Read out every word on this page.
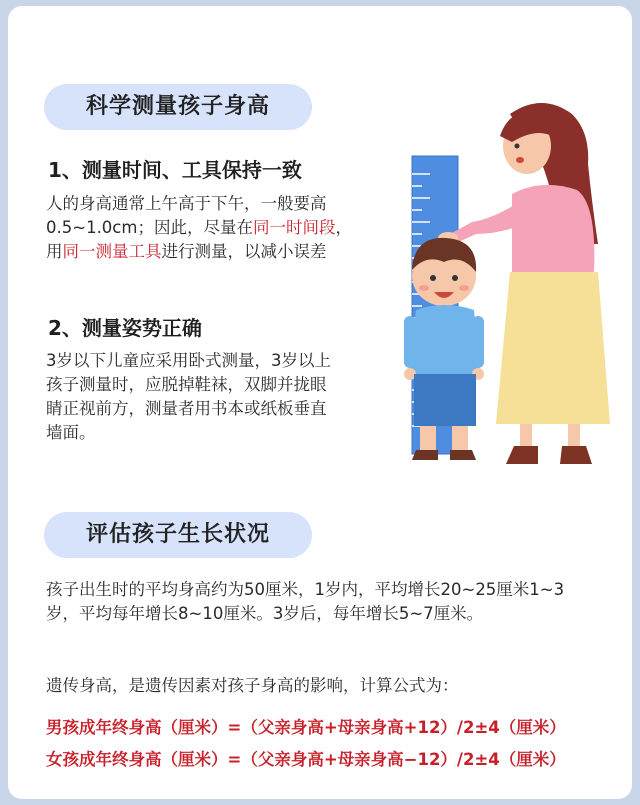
科学测量孩子身高
1、测量时间、工具保持一致
人的身高通常上午高于下午，一般要高
0.5~1.0cm；因此，尽量在同一时间段，
用同一测量工具进行测量，以减小误差
2、测量姿势正确
3岁以下儿童应采用卧式测量，3岁以上
孩子测量时，应脱掉鞋袜，双脚并拢眼
睛正视前方，测量者用书本或纸板垂直
墙面。
评估孩子生长状况
孩子出生时的平均身高约为50厘米，1岁内，平均增长20~25厘米1~3
岁，平均每年增长8~10厘米。3岁后，每年增长5~7厘米。
遗传身高，是遗传因素对孩子身高的影响，计算公式为：
男孩成年终身高（厘米）=（父亲身高+母亲身高+12）/2±4（厘米）
女孩成年终身高（厘米）=（父亲身高+母亲身高−12）/2±4（厘米）
